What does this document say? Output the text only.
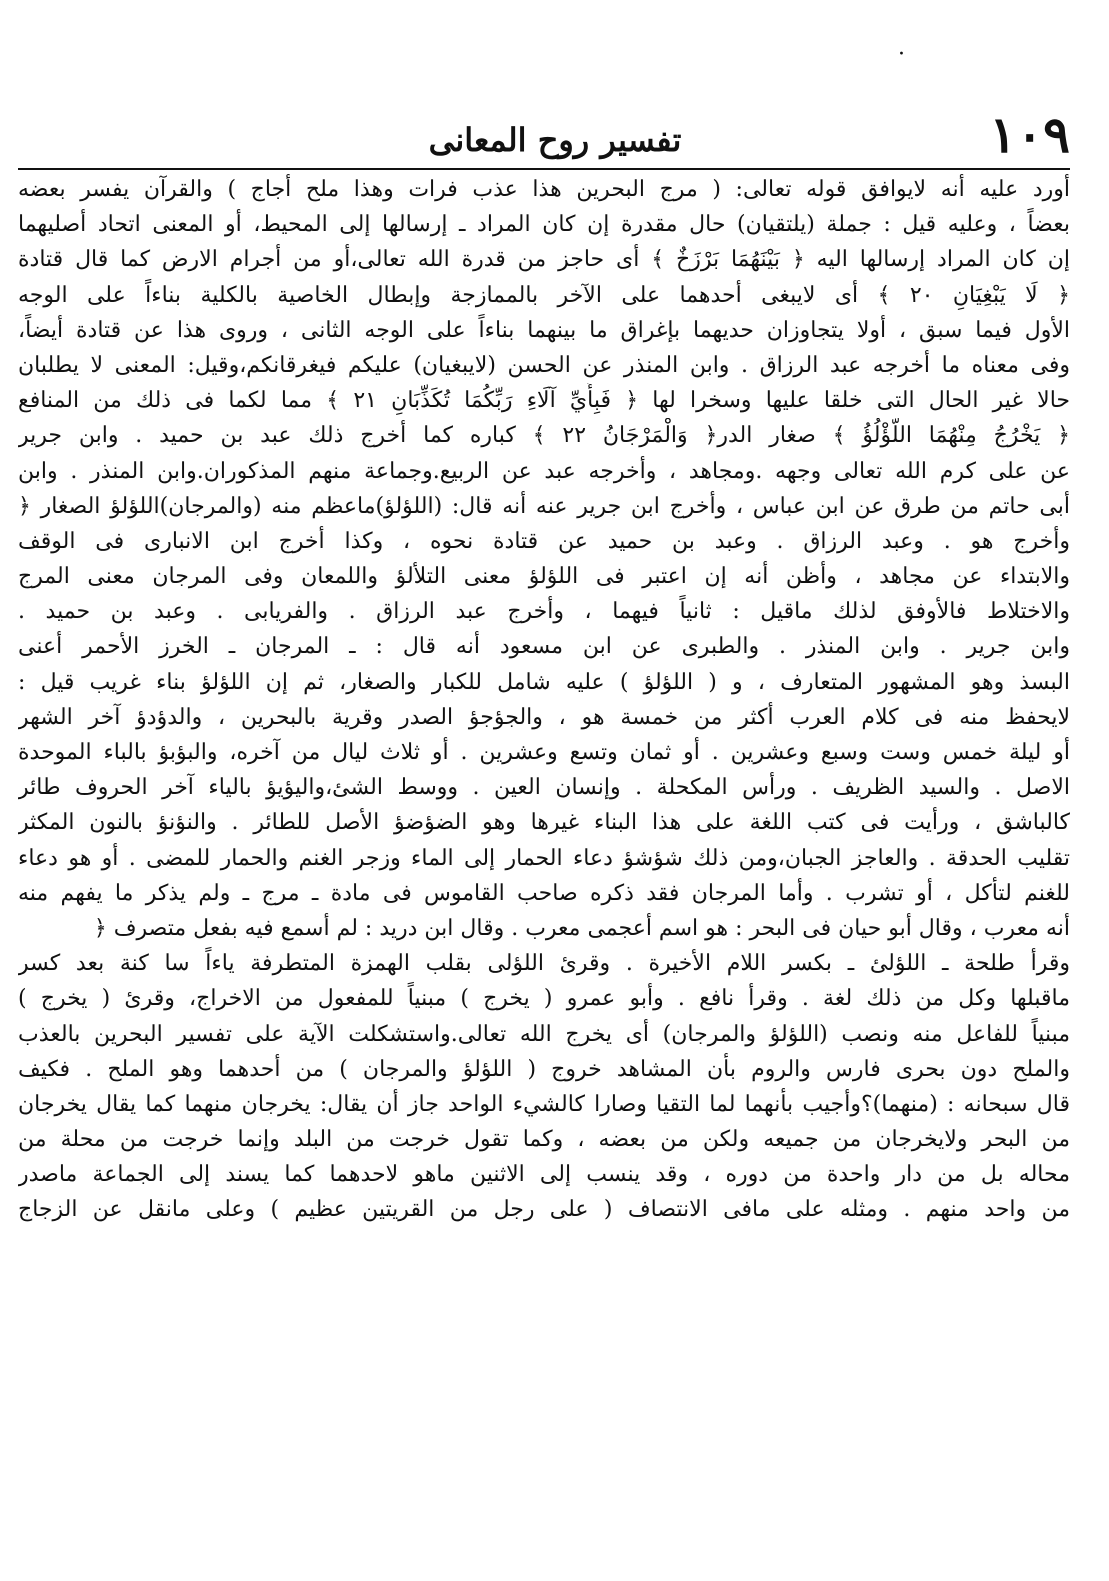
·
١٠٩
تفسير روح المعانى
أورد عليه أنه لايوافق قوله تعالى: ( مرج البحرين هذا عذب فرات وهذا ملح أجاج ) والقرآن يفسر بعضه
بعضاً ، وعليه قيل : جملة (يلتقيان) حال مقدرة إن كان المراد ـ إرسالها إلى المحيط، أو المعنى اتحاد أصليهما
إن كان المراد إرسالها اليه ﴿ بَيْنَهُمَا بَرْزَخٌ ﴾ أى حاجز من قدرة الله تعالى،أو من أجرام الارض كما قال قتادة
﴿ لَا يَبْغِيَانِ ٢٠ ﴾ أى لايبغى أحدهما على الآخر بالممازجة وإبطال الخاصية بالكلية بناءاً على الوجه
الأول فيما سبق ، أولا يتجاوزان حديهما بإغراق ما بينهما بناءاً على الوجه الثانى ، وروى هذا عن قتادة أيضاً،
وفى معناه ما أخرجه عبد الرزاق . وابن المنذر عن الحسن (لايبغيان) عليكم فيغرقانكم،وقيل: المعنى لا يطلبان
حالا غير الحال التى خلقا عليها وسخرا لها ﴿ فَبِأَيِّ آلَاءِ رَبِّكُمَا تُكَذِّبَانِ ٢١ ﴾ مما لكما فى ذلك من المنافع
﴿ يَخْرُجُ مِنْهُمَا اللُّؤْلُؤُ ﴾ صغار الدر﴿ وَالْمَرْجَانُ ٢٢ ﴾ كباره كما أخرج ذلك عبد بن حميد . وابن جرير
عن على كرم الله تعالى وجهه .ومجاهد ، وأخرجه عبد عن الربيع.وجماعة منهم المذكوران.وابن المنذر . وابن
أبى حاتم من طرق عن ابن عباس ، وأخرج ابن جرير عنه أنه قال: (اللؤلؤ)ماعظم منه (والمرجان)اللؤلؤ الصغار ﴿
وأخرج هو . وعبد الرزاق . وعبد بن حميد عن قتادة نحوه ، وكذا أخرج ابن الانبارى فى الوقف
والابتداء عن مجاهد ، وأظن أنه إن اعتبر فى اللؤلؤ معنى التلألؤ واللمعان وفى المرجان معنى المرج
والاختلاط فالأوفق لذلك ماقيل : ثانياً فيهما ، وأخرج عبد الرزاق . والفريابى . وعبد بن حميد .
وابن جرير . وابن المنذر . والطبرى عن ابن مسعود أنه قال : ـ المرجان ـ الخرز الأحمر أعنى
البسذ وهو المشهور المتعارف ، و ( اللؤلؤ ) عليه شامل للكبار والصغار، ثم إن اللؤلؤ بناء غريب قيل :
لايحفظ منه فى كلام العرب أكثر من خمسة هو ، والجؤجؤ الصدر وقرية بالبحرين ، والدؤدؤ آخر الشهر
أو ليلة خمس وست وسبع وعشرين . أو ثمان وتسع وعشرين . أو ثلاث ليال من آخره، والبؤبؤ بالباء الموحدة
الاصل . والسيد الظريف . ورأس المكحلة . وإنسان العين . ووسط الشئ،واليؤيؤ بالياء آخر الحروف طائر
كالباشق ، ورأيت فى كتب اللغة على هذا البناء غيرها وهو الضؤضؤ الأصل للطائر . والنؤنؤ بالنون المكثر
تقليب الحدقة . والعاجز الجبان،ومن ذلك شؤشؤ دعاء الحمار إلى الماء وزجر الغنم والحمار للمضى . أو هو دعاء
للغنم لتأكل ، أو تشرب . وأما المرجان فقد ذكره صاحب القاموس فى مادة ـ مرج ـ ولم يذكر ما يفهم منه
أنه معرب ، وقال أبو حيان فى البحر : هو اسم أعجمى معرب . وقال ابن دريد : لم أسمع فيه بفعل متصرف ﴿
وقرأ طلحة ـ اللؤلئ ـ بكسر اللام الأخيرة . وقرئ اللؤلى بقلب الهمزة المتطرفة ياءاً سا كنة بعد كسر
ماقبلها وكل من ذلك لغة . وقرأ نافع . وأبو عمرو ( يخرج ) مبنياً للمفعول من الاخراج، وقرئ ( يخرج )
مبنياً للفاعل منه ونصب (اللؤلؤ والمرجان) أى يخرج الله تعالى.واستشكلت الآية على تفسير البحرين بالعذب
والملح دون بحرى فارس والروم بأن المشاهد خروج ( اللؤلؤ والمرجان ) من أحدهما وهو الملح . فكيف
قال سبحانه : (منهما)؟وأجيب بأنهما لما التقيا وصارا كالشيء الواحد جاز أن يقال: يخرجان منهما كما يقال يخرجان
من البحر ولايخرجان من جميعه ولكن من بعضه ، وكما تقول خرجت من البلد وإنما خرجت من محلة من
محاله بل من دار واحدة من دوره ، وقد ينسب إلى الاثنين ماهو لاحدهما كما يسند إلى الجماعة ماصدر
من واحد منهم . ومثله على مافى الانتصاف ( على رجل من القريتين عظيم ) وعلى مانقل عن الزجاج
